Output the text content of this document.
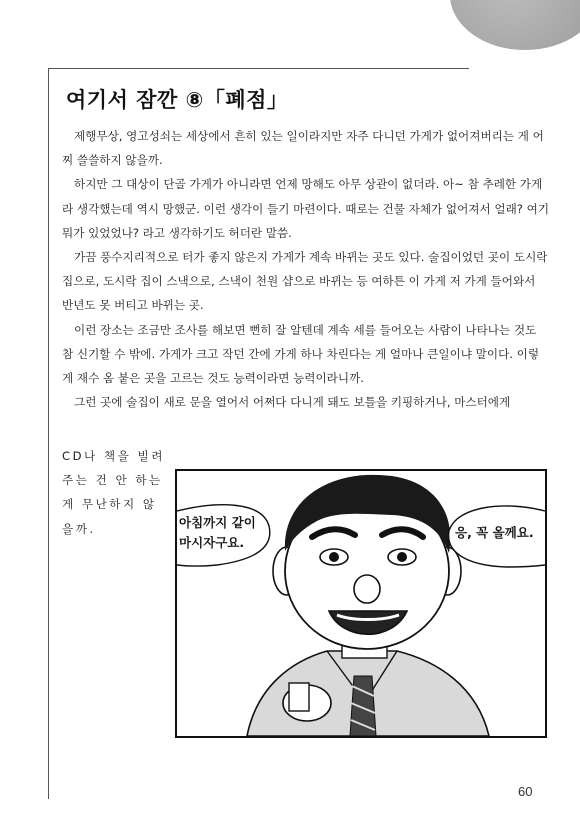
여기서 잠깐 ⑧「폐점」

제행무상, 영고성쇠는 세상에서 흔히 있는 일이라지만 자주 다니던 가게가 없어져버리는 게 어찌 쓸쓸하지 않을까.

하지만 그 대상이 단골 가게가 아니라면 언제 망해도 아무 상관이 없더라. 아~ 참 추레한 가게라 생각했는데 역시 망했군. 이런 생각이 들기 마련이다. 때로는 건물 자체가 없어져서 얼래? 여기 뭐가 있었었나? 라고 생각하기도 허더란 말씀.

가끔 풍수지리적으로 터가 좋지 않은지 가게가 계속 바뀌는 곳도 있다. 술집이었던 곳이 도시락 집으로, 도시락 집이 스낵으로, 스낵이 천원 샵으로 바뀌는 등 여하튼 이 가게 저 가게 들어와서 반년도 못 버티고 바뀌는 곳.

이런 장소는 조금만 조사를 해보면 뻔히 잘 알텐데 계속 세를 들어오는 사람이 나타나는 것도 참 신기할 수 밖에. 가게가 크고 작던 간에 가게 하나 차린다는 게 얼마나 큰일이냐 말이다. 이렇게 재수 옴 붙은 곳을 고르는 것도 능력이라면 능력이라니까.

그런 곳에 술집이 새로 문을 열어서 어쩌다 다니게 돼도 보틀을 키핑하거나, 마스터에게

CD나 책을 빌려
주는 건 안 하는
게 무난하지 않
을까.	아침까지 같이
마시자구요.
응, 꼭 올께요.
60
